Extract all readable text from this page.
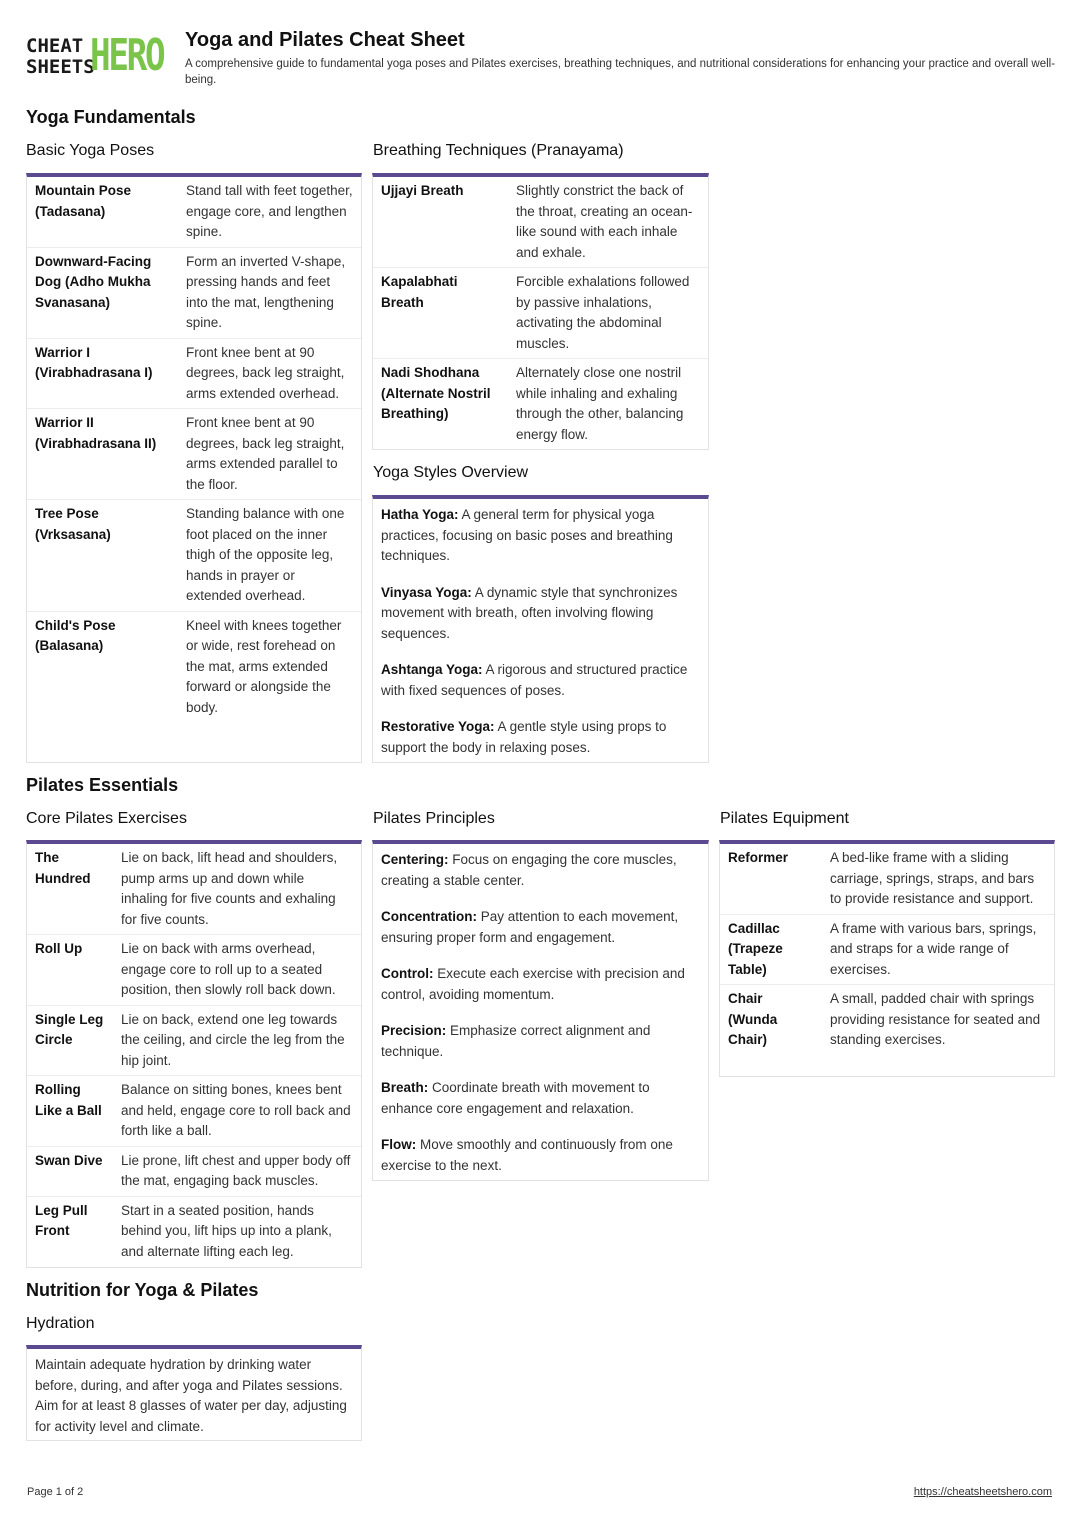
CHEAT
SHEETS
HERO Yoga and Pilates Cheat Sheet
A comprehensive guide to fundamental yoga poses and Pilates exercises, breathing techniques, and nutritional considerations for enhancing your practice and overall well-being.
Yoga Fundamentals
Basic Yoga Poses
Mountain Pose (Tadasana)	Stand tall with feet together, engage core, and lengthen spine.
Downward-Facing Dog (Adho Mukha Svanasana)	Form an inverted V-shape, pressing hands and feet into the mat, lengthening spine.
Warrior I (Virabhadrasana I)	Front knee bent at 90 degrees, back leg straight, arms extended overhead.
Warrior II (Virabhadrasana II)	Front knee bent at 90 degrees, back leg straight, arms extended parallel to the floor.
Tree Pose (Vrksasana)	Standing balance with one foot placed on the inner thigh of the opposite leg, hands in prayer or extended overhead.
Child's Pose (Balasana)	Kneel with knees together or wide, rest forehead on the mat, arms extended forward or alongside the body.
Breathing Techniques (Pranayama)
Ujjayi Breath	Slightly constrict the back of the throat, creating an ocean-like sound with each inhale and exhale.
Kapalabhati Breath	Forcible exhalations followed by passive inhalations, activating the abdominal muscles.
Nadi Shodhana (Alternate Nostril Breathing)	Alternately close one nostril while inhaling and exhaling through the other, balancing energy flow.
Yoga Styles Overview

Hatha Yoga: A general term for physical yoga practices, focusing on basic poses and breathing techniques.

Vinyasa Yoga: A dynamic style that synchronizes movement with breath, often involving flowing sequences.

Ashtanga Yoga: A rigorous and structured practice with fixed sequences of poses.

Restorative Yoga: A gentle style using props to support the body in relaxing poses.

Pilates Essentials
Core Pilates Exercises
The Hundred	Lie on back, lift head and shoulders, pump arms up and down while inhaling for five counts and exhaling for five counts.
Roll Up	Lie on back with arms overhead, engage core to roll up to a seated position, then slowly roll back down.
Single Leg Circle	Lie on back, extend one leg towards the ceiling, and circle the leg from the hip joint.
Rolling Like a Ball	Balance on sitting bones, knees bent and held, engage core to roll back and forth like a ball.
Swan Dive	Lie prone, lift chest and upper body off the mat, engaging back muscles.
Leg Pull Front	Start in a seated position, hands behind you, lift hips up into a plank, and alternate lifting each leg.
Pilates Principles

Centering: Focus on engaging the core muscles, creating a stable center.

Concentration: Pay attention to each movement, ensuring proper form and engagement.

Control: Execute each exercise with precision and control, avoiding momentum.

Precision: Emphasize correct alignment and technique.

Breath: Coordinate breath with movement to enhance core engagement and relaxation.

Flow: Move smoothly and continuously from one exercise to the next.

Pilates Equipment
Reformer	A bed-like frame with a sliding carriage, springs, straps, and bars to provide resistance and support.
Cadillac (Trapeze Table)	A frame with various bars, springs, and straps for a wide range of exercises.
Chair (Wunda Chair)	A small, padded chair with springs providing resistance for seated and standing exercises.
Nutrition for Yoga & Pilates
Hydration
Maintain adequate hydration by drinking water before, during, and after yoga and Pilates sessions. Aim for at least 8 glasses of water per day, adjusting for activity level and climate.
Page 1 of 2	https://cheatsheetshero.com
